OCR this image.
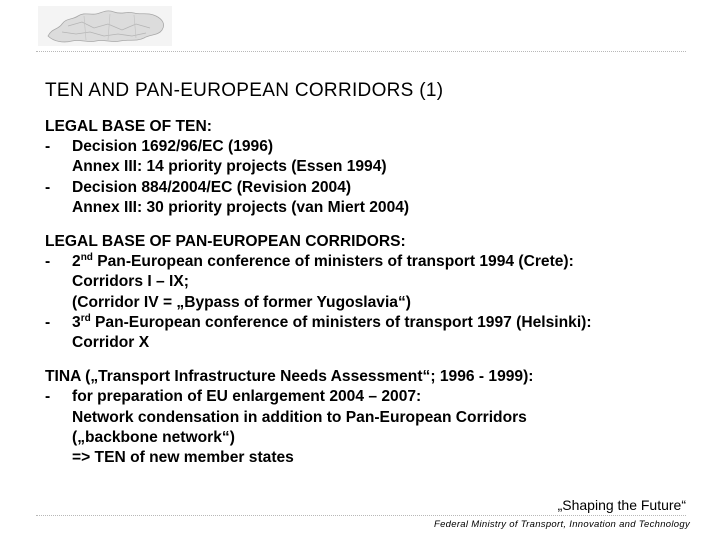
TEN AND PAN-EUROPEAN CORRIDORS (1)
LEGAL BASE OF TEN:
- Decision 1692/96/EC (1996)
Annex III: 14 priority projects (Essen 1994)
- Decision 884/2004/EC (Revision 2004)
Annex III: 30 priority projects (van Miert 2004)
LEGAL BASE OF PAN-EUROPEAN CORRIDORS:
- 2nd Pan-European conference of ministers of transport 1994 (Crete):
Corridors I – IX;
(Corridor IV = „Bypass of former Yugoslavia“)
- 3rd Pan-European conference of ministers of transport 1997 (Helsinki):
Corridor X
TINA („Transport Infrastructure Needs Assessment“; 1996 - 1999):
- for preparation of EU enlargement 2004 – 2007:
Network condensation in addition to Pan-European Corridors
(„backbone network“)
=> TEN of new member states
„Shaping the Future“
Federal Ministry of Transport, Innovation and Technology
